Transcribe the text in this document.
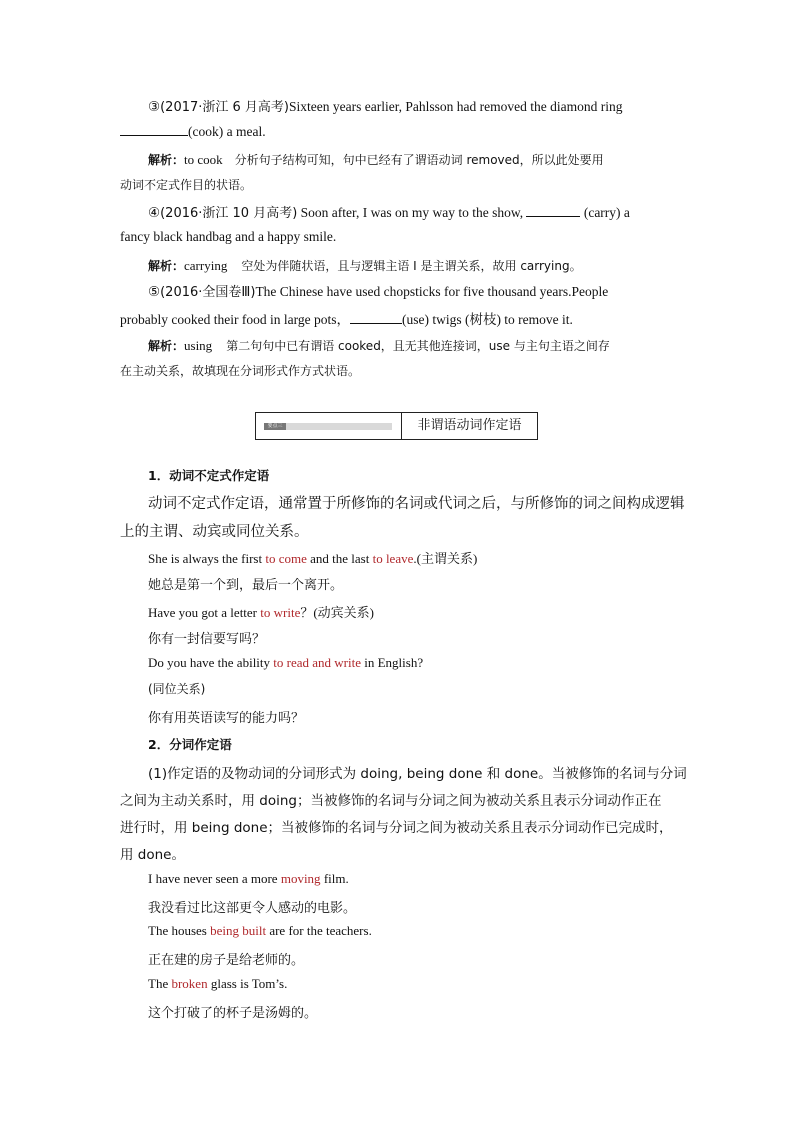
③(2017·浙江 6 月高考)Sixteen years earlier, Pahlsson had removed the diamond ring
(cook) a meal.
解析：to cook 分析句子结构可知，句中已经有了谓语动词 removed，所以此处要用
动词不定式作目的状语。
④(2016·浙江 10 月高考) Soon after, I was on my way to the show,	(carry) a
fancy black handbag and a happy smile.
解析：carrying 空处为伴随状语，且与逻辑主语 I 是主谓关系，故用 carrying。
⑤(2016·全国卷Ⅲ)The Chinese have used chopsticks for five thousand years.People
probably cooked their food in large pots，	(use) twigs (树枝) to remove it.
解析：using 第二句句中已有谓语 cooked，且无其他连接词，use 与主句主语之间存
在主动关系，故填现在分词形式作方式状语。
1．动词不定式作定语
动词不定式作定语，通常置于所修饰的名词或代词之后，与所修饰的词之间构成逻辑
上的主谓、动宾或同位关系。
She is always the first to come and the last to leave.(主谓关系)
她总是第一个到，最后一个离开。
Have you got a letter to write？(动宾关系)
你有一封信要写吗？
Do you have the ability to read and write in English?
(同位关系)
你有用英语读写的能力吗？
2．分词作定语
(1)作定语的及物动词的分词形式为 doing, being done 和 done。当被修饰的名词与分词
之间为主动关系时，用 doing；当被修饰的名词与分词之间为被动关系且表示分词动作正在
进行时，用 being done；当被修饰的名词与分词之间为被动关系且表示分词动作已完成时，
用 done。
I have never seen a more moving film.
我没看过比这部更令人感动的电影。
The houses being built are for the teachers.
正在建的房子是给老师的。
The broken glass is Tom’s.
这个打破了的杯子是汤姆的。
要点三	非谓语动词作定语
